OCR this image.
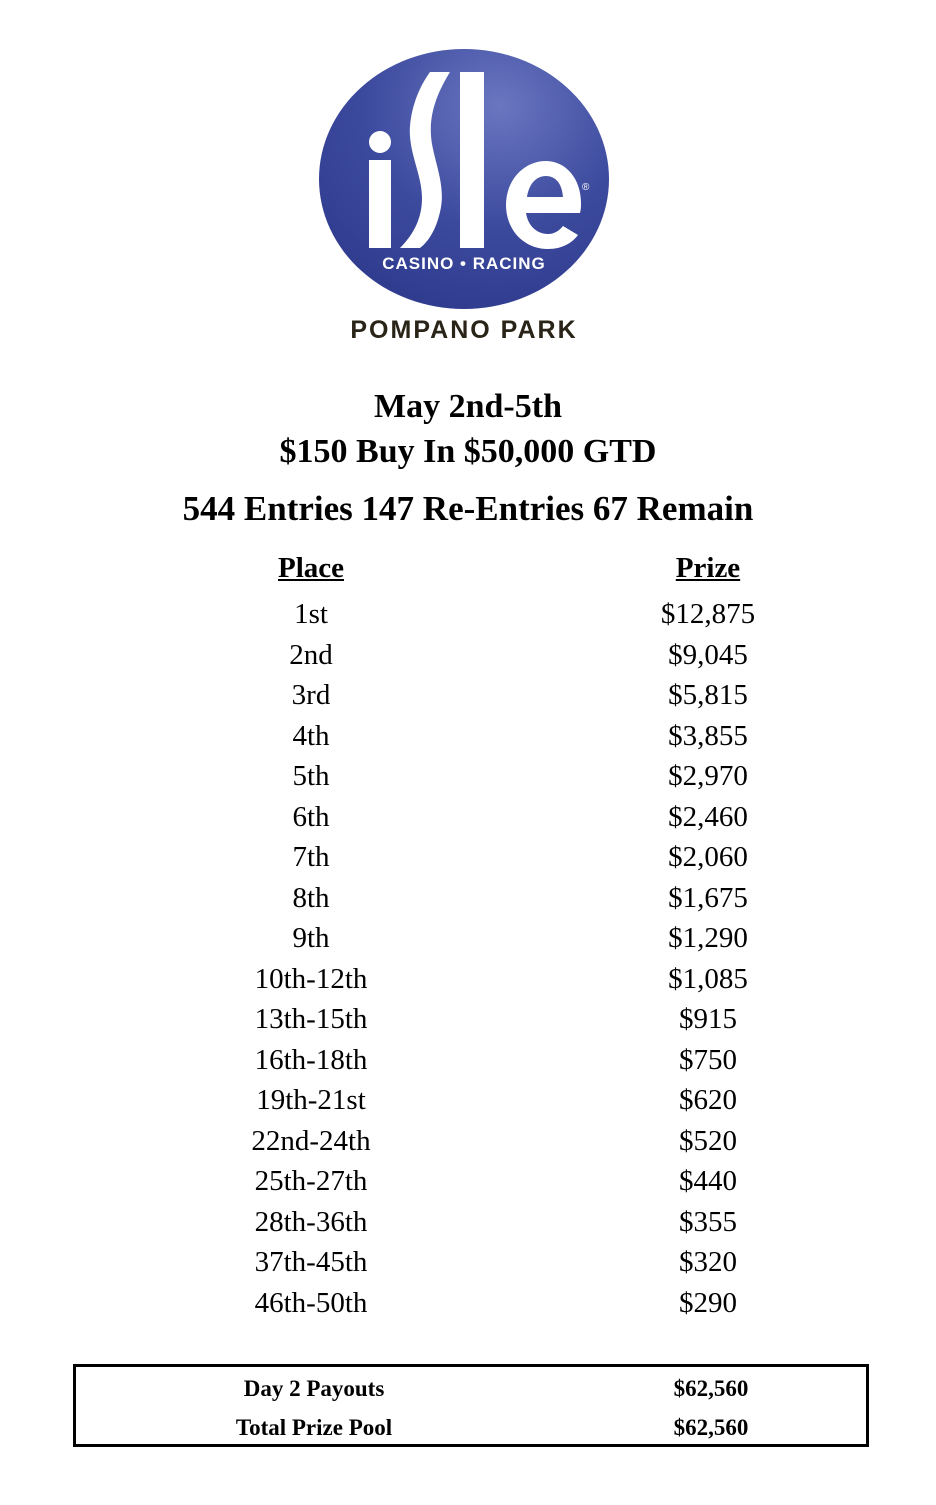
®
CASINO • RACING
POMPANO PARK
May 2nd-5th
$150 Buy In $50,000 GTD
544 Entries 147 Re-Entries 67 Remain
Place	Prize
1st	$12,875
2nd	$9,045
3rd	$5,815
4th	$3,855
5th	$2,970
6th	$2,460
7th	$2,060
8th	$1,675
9th	$1,290
10th-12th	$1,085
13th-15th	$915
16th-18th	$750
19th-21st	$620
22nd-24th	$520
25th-27th	$440
28th-36th	$355
37th-45th	$320
46th-50th	$290
Day 2 Payouts	$62,560
Total Prize Pool	$62,560
